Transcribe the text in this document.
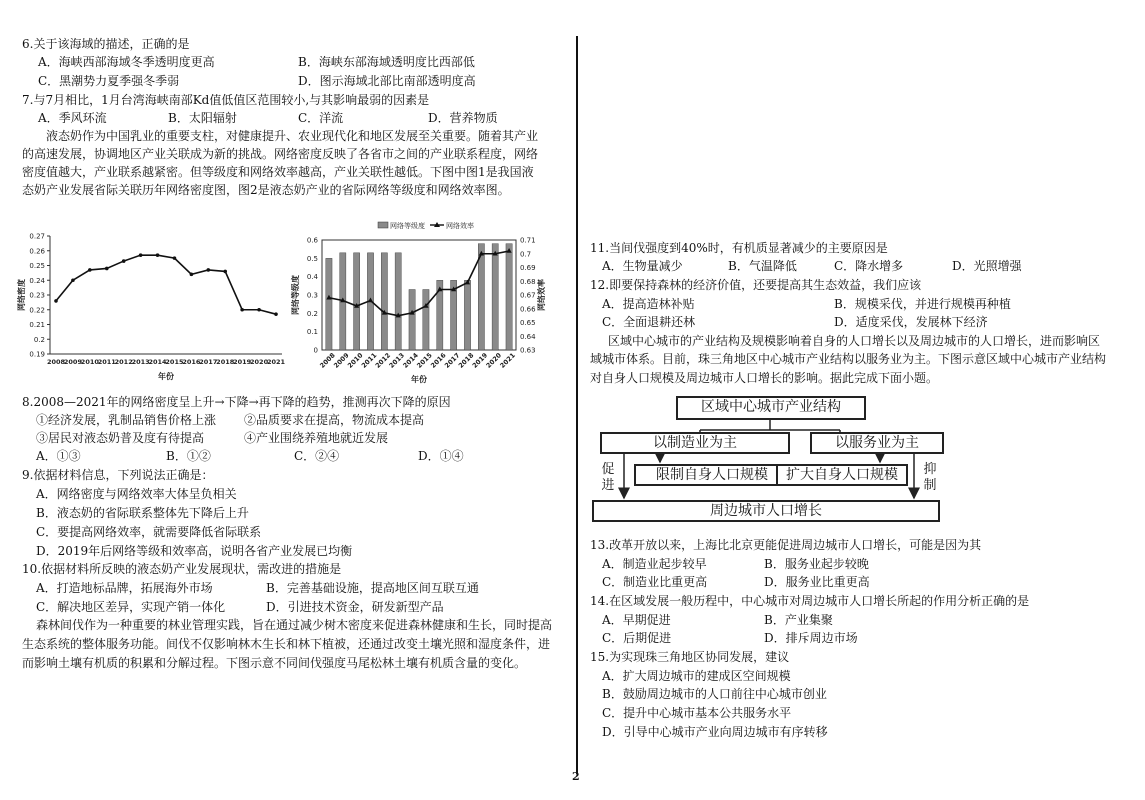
6.关于该海域的描述，正确的是
A．海峡西部海域冬季透明度更高	B．海峡东部海域透明度比西部低
C．黑潮势力夏季强冬季弱	D．图示海域北部比南部透明度高
7.与7月相比，1月台湾海峡南部Kd值低值区范围较小,与其影响最弱的因素是
A．季风环流	B．太阳辐射	C．洋流	D．营养物质
液态奶作为中国乳业的重要支柱，对健康提升、农业现代化和地区发展至关重要。随着其产业
的高速发展，协调地区产业关联成为新的挑战。网络密度反映了各省市之间的产业联系程度，网络
密度值越大，产业联系越紧密。但等级度和网络效率越高，产业关联性越低。下图中图1是我国液
态奶产业发展省际关联历年网络密度图，图2是液态奶产业的省际网络等级度和网络效率图。
0.19
0.2
0.21
0.22
0.23
0.24
0.25
0.26
0.27
2008
2009
2010
2011
2012
2013
2014
2015
2016
2017
2018
2019
2020
2021
年份
网络密度
网络等级度	网络效率
0
0.1
0.2
0.3
0.4
0.5
0.6
0.63
0.64
0.65
0.66
0.67
0.68
0.69
0.7
0.71
2008
2009
2010
2011
2012
2013
2014
2015
2016
2017
2018
2019
2020
2021
年份
网络等级度	网络效率
8.2008—2021年的网络密度呈上升→下降→再下降的趋势，推测再次下降的原因
①经济发展，乳制品销售价格上涨 ②品质要求在提高，物流成本提高
③居民对液态奶普及度有待提高	④产业围绕养殖地就近发展
A．①③	B．①②	C．②④	D．①④
9.依据材料信息，下列说法正确是：
A．网络密度与网络效率大体呈负相关
B．液态奶的省际联系整体先下降后上升
C．要提高网络效率，就需要降低省际联系
D．2019年后网络等级和效率高，说明各省产业发展已均衡
10.依据材料所反映的液态奶产业发展现状，需改进的措施是
A．打造地标品牌，拓展海外市场	B．完善基础设施，提高地区间互联互通
C．解决地区差异，实现产销一体化	D．引进技术资金，研发新型产品
森林间伐作为一种重要的林业管理实践，旨在通过减少树木密度来促进森林健康和生长，同时提高
生态系统的整体服务功能。间伐不仅影响林木生长和林下植被，还通过改变土壤光照和湿度条件，进
而影响土壤有机质的积累和分解过程。下图示意不同间伐强度马尾松林土壤有机质含量的变化。
11.当间伐强度到40%时，有机质显著减少的主要原因是
A．生物量减少	B．气温降低	C．降水增多	D．光照增强
12.即要保持森林的经济价值，还要提高其生态效益，我们应该
A．提高造林补贴	B．规模采伐，并进行规模再种植
C．全面退耕还林	D．适度采伐，发展林下经济
区域中心城市的产业结构及规模影响着自身的人口增长以及周边城市的人口增长，进而影响区
域城市体系。目前，珠三角地区中心城市产业结构以服务业为主。下图示意区域中心城市产业结构
对自身人口规模及周边城市人口增长的影响。据此完成下面小题。
区域中心城市产业结构
以制造业为主	以服务业为主
促进
限制自身人口规模	扩大自身人口规模	抑制
周边城市人口增长
13.改革开放以来，上海比北京更能促进周边城市人口增长，可能是因为其
A．制造业起步较早	B．服务业起步较晚
C．制造业比重更高	D．服务业比重更高
14.在区域发展一般历程中，中心城市对周边城市人口增长所起的作用分析正确的是
A．早期促进	B．产业集聚
C．后期促进	D．排斥周边市场
15.为实现珠三角地区协同发展，建议
A．扩大周边城市的建成区空间规模
B．鼓励周边城市的人口前往中心城市创业
C．提升中心城市基本公共服务水平
D．引导中心城市产业向周边城市有序转移
2
